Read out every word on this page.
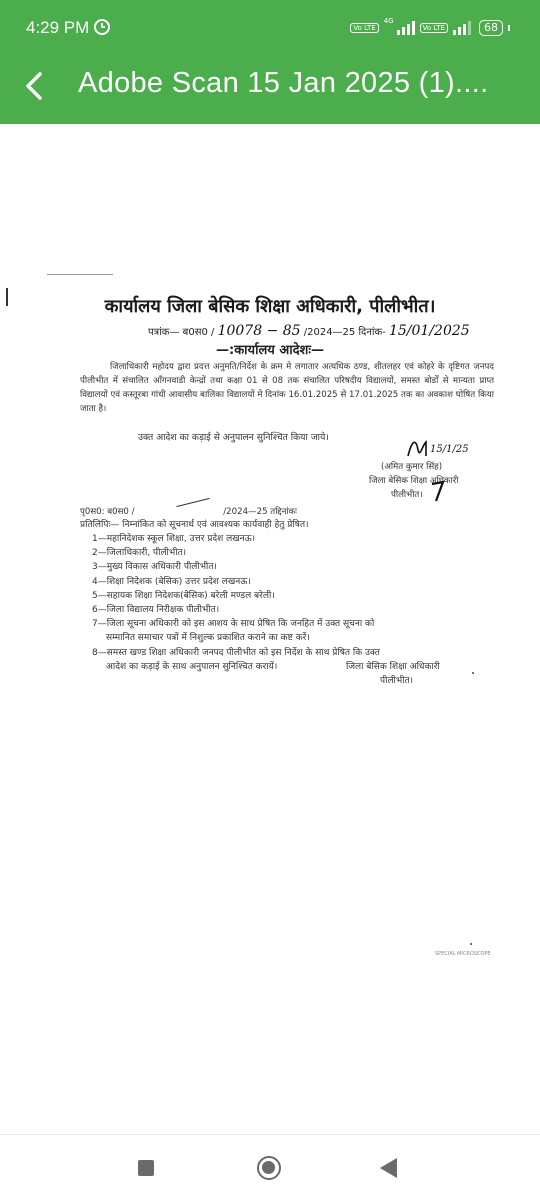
4:29 PM	Vo LTE
4G
Vo LTE	68
Adobe Scan 15 Jan 2025 (1)....
कार्यालय जिला बेसिक शिक्षा अधिकारी, पीलीभीत।
पत्रांक— ब0स0 / 10078 − 85 /2024—25 दिनांक- 15/01/2025
—:कार्यालय आदेशः—
जिलाधिकारी महोदय द्वारा प्रदत्त अनुमति/निर्देश के क्रम मे लगातार अत्यधिक ठण्ड, शीतलहर एवं कोहरे के दृष्टिगत जनपद पीलीभीत में संचालित आँगनवाडी केन्द्रों तथा कक्षा 01 से 08 तक संचालित परिषदीय विद्यालयों, समस्त बोर्डों से मान्यता प्राप्त विद्यालयों एवं कस्तूरबा गांधी आवासीय बालिका विद्यालयों मे दिनांक 16.01.2025 से 17.01.2025 तक का अवकाश घोषित किया जाता है।
उक्त आदेश का कड़ाई से अनुपालन सुनिश्चित किया जाये।
15/1/25
(अमित कुमार सिंह)
जिला बेसिक शिक्षा अधिकारी
पीलीभीत।
पृ0स0: ब0स0 /	/2024—25 तद्दिनांकः
प्रतिलिपिः— निम्नांकित को सूचनार्थ एवं आवश्यक कार्यवाही हेतु प्रेषित।
1—महानिदेशक स्कूल शिक्षा, उत्तर प्रदेश लखनऊ।
2—जिलाधिकारी, पीलीभीत।
3—मुख्य विकास अधिकारी पीलीभीत।
4—शिक्षा निदेशक (बेसिक) उत्तर प्रदेश लखनऊ।
5—सहायक शिक्षा निदेशक(बेसिक) बरेली मण्डल बरेली।
6—जिला विद्यालय निरीक्षक पीलीभीत।
7—जिला सूचना अधिकारी को इस आशय के साथ प्रेषित कि जनहित में उक्त सूचना को
सम्मानित समाचार पत्रों में निशुल्क प्रकाशित कराने का कष्ट करें।
8—समस्त खण्ड शिक्षा अधिकारी जनपद पीलीभीत को इस निर्देश के साथ प्रेषित कि उक्त
आदेश का कड़ाई के साथ अनुपालन सुनिश्चित करायें।	जिला बेसिक शिक्षा अधिकारी
पीलीभीत।
SPECIAL MICROSCOPE
